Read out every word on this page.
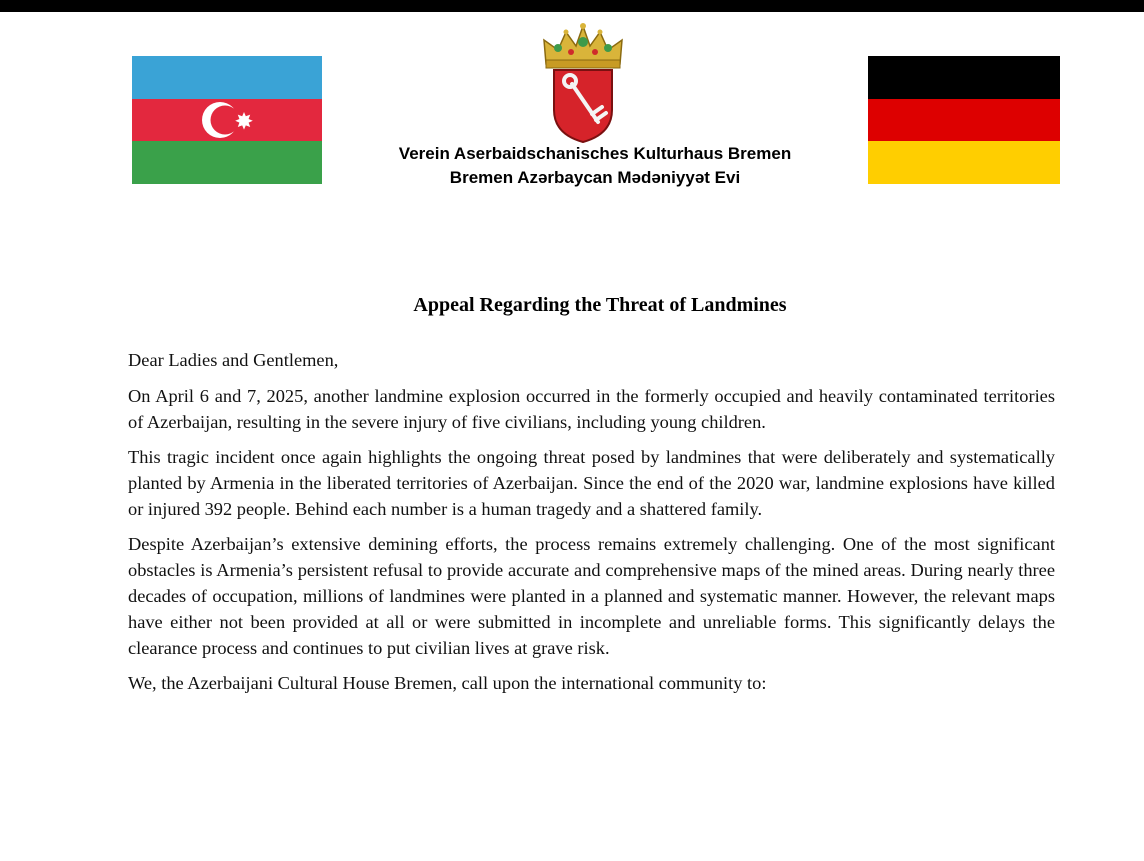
Verein Aserbaidschanisches Kulturhaus Bremen
Bremen Azərbaycan Mədəniyyət Evi
Appeal Regarding the Threat of Landmines

Dear Ladies and Gentlemen,

On April 6 and 7, 2025, another landmine explosion occurred in the formerly occupied and heavily contaminated territories of Azerbaijan, resulting in the severe injury of five civilians, including young children.

This tragic incident once again highlights the ongoing threat posed by landmines that were deliberately and systematically planted by Armenia in the liberated territories of Azerbaijan. Since the end of the 2020 war, landmine explosions have killed or injured 392 people. Behind each number is a human tragedy and a shattered family.

Despite Azerbaijan’s extensive demining efforts, the process remains extremely challenging. One of the most significant obstacles is Armenia’s persistent refusal to provide accurate and comprehensive maps of the mined areas. During nearly three decades of occupation, millions of landmines were planted in a planned and systematic manner. However, the relevant maps have either not been provided at all or were submitted in incomplete and unreliable forms. This significantly delays the clearance process and continues to put civilian lives at grave risk.

We, the Azerbaijani Cultural House Bremen, call upon the international community to:
